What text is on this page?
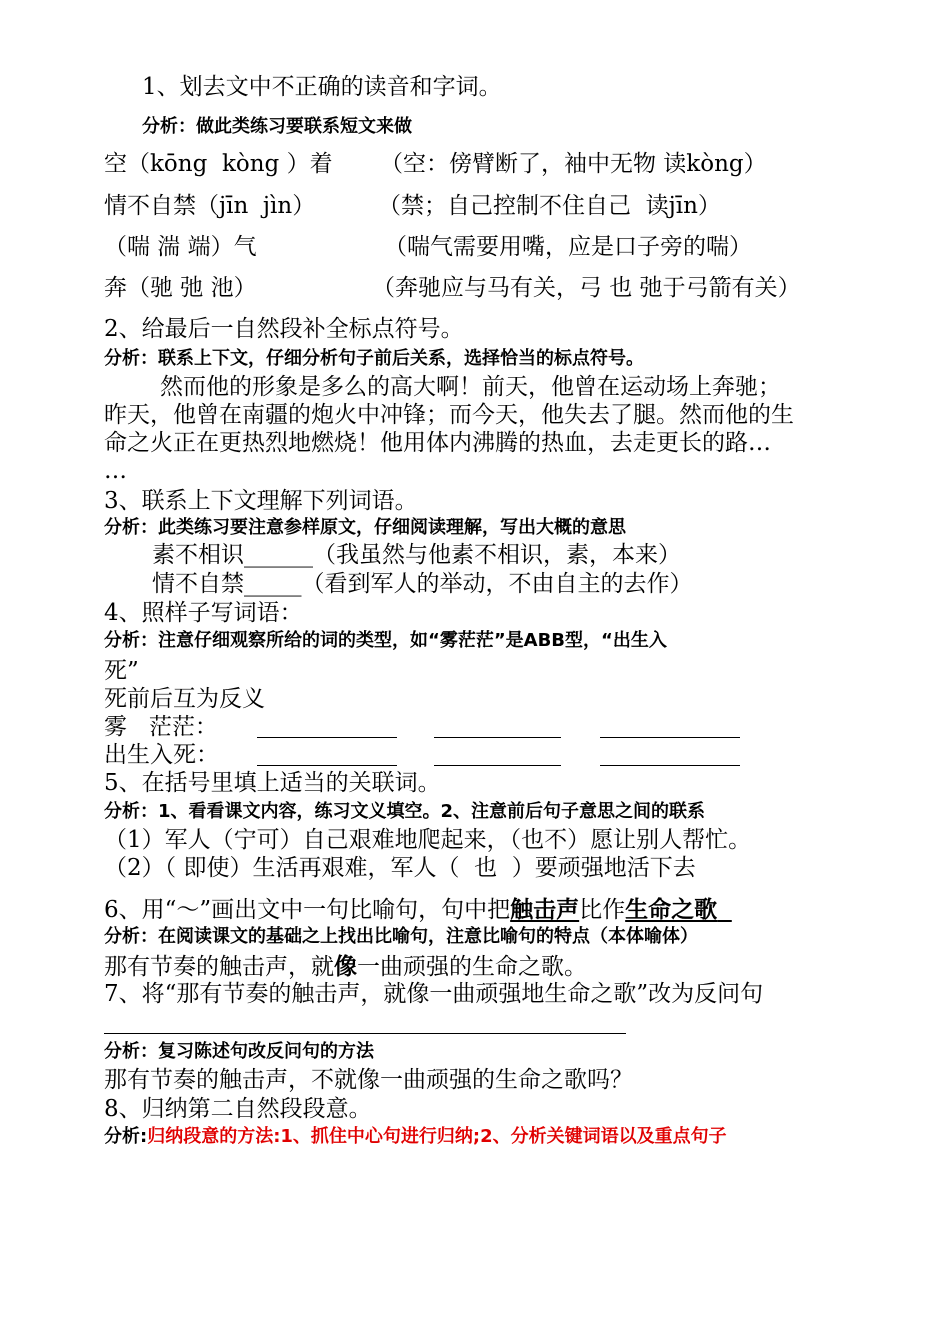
1、划去文中不正确的读音和字词。
分析：做此类练习要联系短文来做
空（kōng  kòng ）着 （空：傍臂断了，袖中无物 读kòng）
情不自禁（jīn  jìn）	（禁；自己控制不住自己  读jīn）
（喘 湍 端）气	（喘气需要用嘴，应是口子旁的喘）
奔（驰 弛 池）	（奔驰应与马有关，弓 也 弛于弓箭有关）
2、给最后一自然段补全标点符号。
分析：联系上下文，仔细分析句子前后关系，选择恰当的标点符号。
然而他的形象是多么的高大啊！前天，他曾在运动场上奔驰；
昨天，他曾在南疆的炮火中冲锋；而今天，他失去了腿。然而他的生
命之火正在更热烈地燃烧！他用体内沸腾的热血，去走更长的路…
…
3、联系上下文理解下列词语。
分析：此类练习要注意参样原文，仔细阅读理解，写出大概的意思
素不相识______（我虽然与他素不相识，素，本来）
情不自禁_____（看到军人的举动，不由自主的去作）
4、照样子写词语：
分析：注意仔细观察所给的词的类型，如“雾茫茫”是ABB型，“出生入
死”
死前后互为反义
雾   茫茫：
出生入死：
5、在括号里填上适当的关联词。
分析：1、看看课文内容，练习文义填空。2、注意前后句子意思之间的联系
（1）军人（宁可）自己艰难地爬起来，（也不）愿让别人帮忙。
（2）（ 即使）生活再艰难，军人（  也  ）要顽强地活下去
6、用“～”画出文中一句比喻句，句中把触击声比作生命之歌
分析：在阅读课文的基础之上找出比喻句，注意比喻句的特点（本体喻体）
那有节奏的触击声，就像一曲顽强的生命之歌。
7、将“那有节奏的触击声，就像一曲顽强地生命之歌”改为反问句
分析：复习陈述句改反问句的方法
那有节奏的触击声，不就像一曲顽强的生命之歌吗？
8、归纳第二自然段段意。
分析:归纳段意的方法:1、抓住中心句进行归纳;2、分析关键词语以及重点句子
